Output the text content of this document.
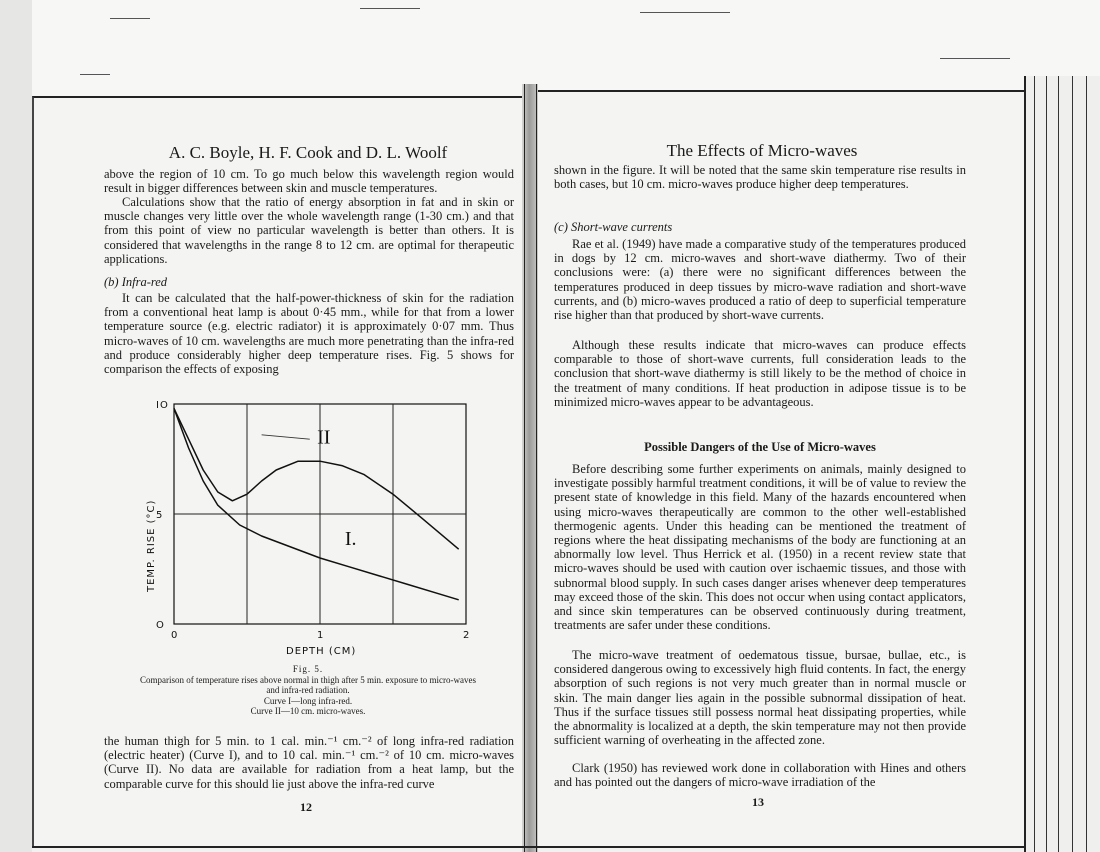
A. C. Boyle, H. F. Cook and D. L. Woolf
above the region of 10 cm. To go much below this wavelength region would result in bigger differences between skin and muscle temperatures.
Calculations show that the ratio of energy absorption in fat and in skin or muscle changes very little over the whole wavelength range (1-30 cm.) and that from this point of view no particular wavelength is better than others. It is considered that wavelengths in the range 8 to 12 cm. are optimal for therapeutic applications.
(b) Infra-red
It can be calculated that the half-power-thickness of skin for the radiation from a conventional heat lamp is about 0·45 mm., while for that from a lower temperature source (e.g. electric radiator) it is approximately 0·07 mm. Thus micro-waves of 10 cm. wavelengths are much more penetrating than the infra-red and produce considerably higher deep temperature rises. Fig. 5 shows for comparison the effects of exposing
I.
II
0	1	2
O
5
IO
TEMP. RISE (°C)
DEPTH (CM)
Fig. 5.
Comparison of temperature rises above normal in thigh after 5 min. exposure to micro-waves
and infra-red radiation.
Curve I—long infra-red.
Curve II—10 cm. micro-waves.
the human thigh for 5 min. to 1 cal. min.⁻¹ cm.⁻² of long infra-red radiation (electric heater) (Curve I), and to 10 cal. min.⁻¹ cm.⁻² of 10 cm. micro-waves (Curve II). No data are available for radiation from a heat lamp, but the comparable curve for this should lie just above the infra-red curve
12
The Effects of Micro-waves
shown in the figure. It will be noted that the same skin temperature rise results in both cases, but 10 cm. micro-waves produce higher deep temperatures.
(c) Short-wave currents
Rae et al. (1949) have made a comparative study of the temperatures produced in dogs by 12 cm. micro-waves and short-wave diathermy. Two of their conclusions were: (a) there were no significant differences between the temperatures produced in deep tissues by micro-wave radiation and short-wave currents, and (b) micro-waves produced a ratio of deep to superficial temperature rise higher than that produced by short-wave currents.
Although these results indicate that micro-waves can produce effects comparable to those of short-wave currents, full consideration leads to the conclusion that short-wave diathermy is still likely to be the method of choice in the treatment of many conditions. If heat production in adipose tissue is to be minimized micro-waves appear to be advantageous.
Possible Dangers of the Use of Micro-waves
Before describing some further experiments on animals, mainly designed to investigate possibly harmful treatment conditions, it will be of value to review the present state of knowledge in this field. Many of the hazards encountered when using micro-waves therapeutically are common to the other well-established thermogenic agents. Under this heading can be mentioned the treatment of regions where the heat dissipating mechanisms of the body are functioning at an abnormally low level. Thus Herrick et al. (1950) in a recent review state that micro-waves should be used with caution over ischaemic tissues, and those with subnormal blood supply. In such cases danger arises whenever deep temperatures may exceed those of the skin. This does not occur when using contact applicators, and since skin temperatures can be observed continuously during treatment, treatments are safer under these conditions.
The micro-wave treatment of oedematous tissue, bursae, bullae, etc., is considered dangerous owing to excessively high fluid contents. In fact, the energy absorption of such regions is not very much greater than in normal muscle or skin. The main danger lies again in the possible subnormal dissipation of heat. Thus if the surface tissues still possess normal heat dissipating properties, while the abnormality is localized at a depth, the skin temperature may not then provide sufficient warning of overheating in the affected zone.
Clark (1950) has reviewed work done in collaboration with Hines and others and has pointed out the dangers of micro-wave irradiation of the
13
